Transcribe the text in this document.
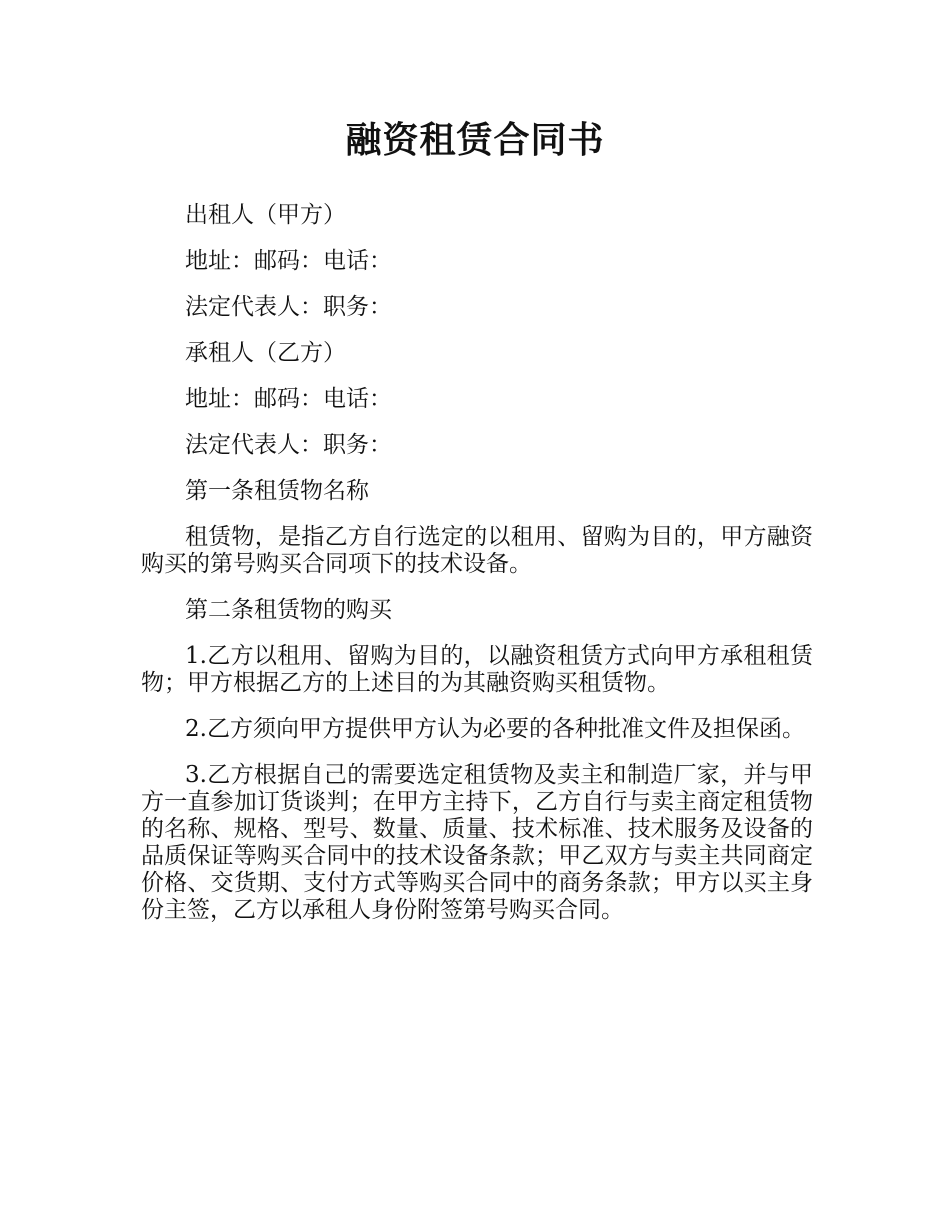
融资租赁合同书

出租人（甲方）

地址：邮码：电话：

法定代表人：职务：

承租人（乙方）

地址：邮码：电话：

法定代表人：职务：

第一条租赁物名称

租赁物，是指乙方自行选定的以租用、留购为目的，甲方融资购买的第号购买合同项下的技术设备。

第二条租赁物的购买

1.乙方以租用、留购为目的，以融资租赁方式向甲方承租租赁物；甲方根据乙方的上述目的为其融资购买租赁物。

2.乙方须向甲方提供甲方认为必要的各种批准文件及担保函。

3.乙方根据自己的需要选定租赁物及卖主和制造厂家，并与甲方一直参加订货谈判；在甲方主持下，乙方自行与卖主商定租赁物的名称、规格、型号、数量、质量、技术标准、技术服务及设备的品质保证等购买合同中的技术设备条款；甲乙双方与卖主共同商定价格、交货期、支付方式等购买合同中的商务条款；甲方以买主身份主签，乙方以承租人身份附签第号购买合同。
